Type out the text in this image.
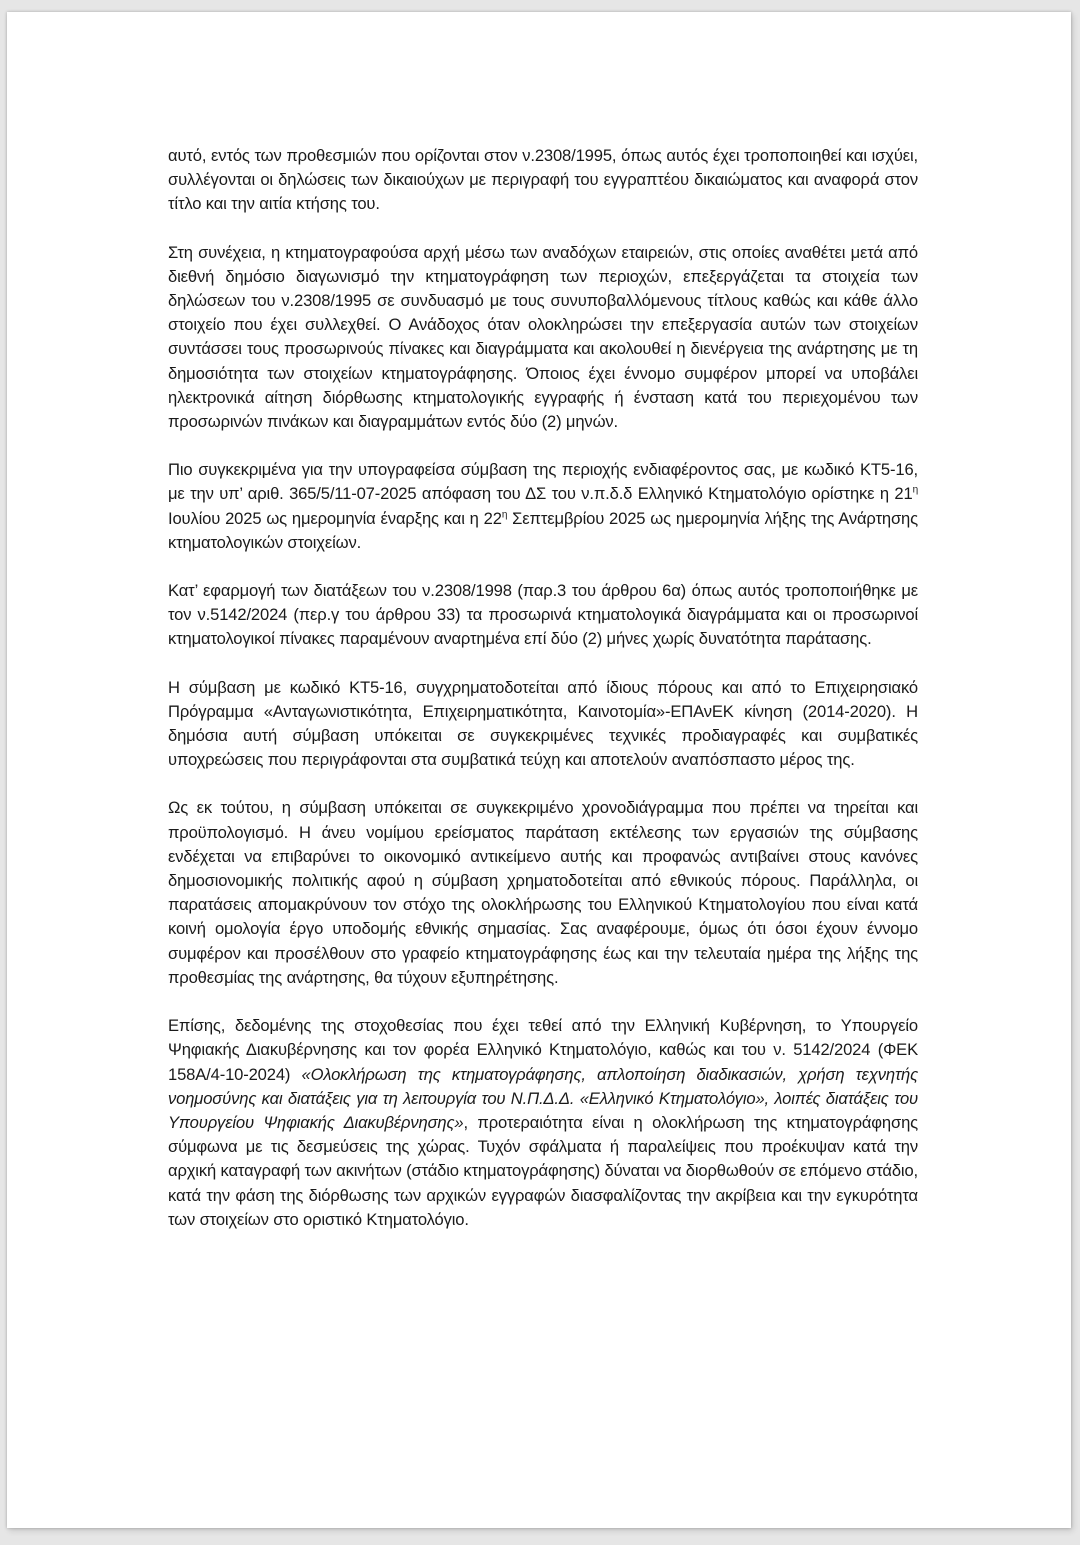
αυτό, εντός των προθεσμιών που ορίζονται στον ν.2308/1995, όπως αυτός έχει τροποποιηθεί και ισχύει, συλλέγονται οι δηλώσεις των δικαιούχων με περιγραφή του εγγραπτέου δικαιώματος και αναφορά στον τίτλο και την αιτία κτήσης του.

Στη συνέχεια, η κτηματογραφούσα αρχή μέσω των αναδόχων εταιρειών, στις οποίες αναθέτει μετά από διεθνή δημόσιο διαγωνισμό την κτηματογράφηση των περιοχών, επεξεργάζεται τα στοιχεία των δηλώσεων του ν.2308/1995 σε συνδυασμό με τους συνυποβαλλόμενους τίτλους καθώς και κάθε άλλο στοιχείο που έχει συλλεχθεί. Ο Ανάδοχος όταν ολοκληρώσει την επεξεργασία αυτών των στοιχείων συντάσσει τους προσωρινούς πίνακες και διαγράμματα και ακολουθεί η διενέργεια της ανάρτησης με τη δημοσιότητα των στοιχείων κτηματογράφησης. Όποιος έχει έννομο συμφέρον μπορεί να υποβάλει ηλεκτρονικά αίτηση διόρθωσης κτηματολογικής εγγραφής ή ένσταση κατά του περιεχομένου των προσωρινών πινάκων και διαγραμμάτων εντός δύο (2) μηνών.

Πιο συγκεκριμένα για την υπογραφείσα σύμβαση της περιοχής ενδιαφέροντος σας, με κωδικό ΚΤ5-16, με την υπ’ αριθ. 365/5/11-07-2025 απόφαση του ΔΣ του ν.π.δ.δ Ελληνικό Κτηματολόγιο ορίστηκε η $21^\eta$ Ιουλίου 2025 ως ημερομηνία έναρξης και η $22^\eta$ Σεπτεμβρίου 2025 ως ημερομηνία λήξης της Ανάρτησης κτηματολογικών στοιχείων.

Κατ’ εφαρμογή των διατάξεων του ν.2308/1998 (παρ.3 του άρθρου 6α) όπως αυτός τροποποιήθηκε με τον ν.5142/2024 (περ.γ του άρθρου 33) τα προσωρινά κτηματολογικά διαγράμματα και οι προσωρινοί κτηματολογικοί πίνακες παραμένουν αναρτημένα επί δύο (2) μήνες χωρίς δυνατότητα παράτασης.

Η σύμβαση με κωδικό ΚΤ5-16, συγχρηματοδοτείται από ίδιους πόρους και από το Επιχειρησιακό Πρόγραμμα «Ανταγωνιστικότητα, Επιχειρηματικότητα, Καινοτομία»-ΕΠΑνΕΚ κίνηση (2014-2020). Η δημόσια αυτή σύμβαση υπόκειται σε συγκεκριμένες τεχνικές προδιαγραφές και συμβατικές υποχρεώσεις που περιγράφονται στα συμβατικά τεύχη και αποτελούν αναπόσπαστο μέρος της.

Ως εκ τούτου, η σύμβαση υπόκειται σε συγκεκριμένο χρονοδιάγραμμα που πρέπει να τηρείται και προϋπολογισμό. Η άνευ νομίμου ερείσματος παράταση εκτέλεσης των εργασιών της σύμβασης ενδέχεται να επιβαρύνει το οικονομικό αντικείμενο αυτής και προφανώς αντιβαίνει στους κανόνες δημοσιονομικής πολιτικής αφού η σύμβαση χρηματοδοτείται από εθνικούς πόρους. Παράλληλα, οι παρατάσεις απομακρύνουν τον στόχο της ολοκλήρωσης του Ελληνικού Κτηματολογίου που είναι κατά κοινή ομολογία έργο υποδομής εθνικής σημασίας. Σας αναφέρουμε, όμως ότι όσοι έχουν έννομο συμφέρον και προσέλθουν στο γραφείο κτηματογράφησης έως και την τελευταία ημέρα της λήξης της προθεσμίας της ανάρτησης, θα τύχουν εξυπηρέτησης.

Επίσης, δεδομένης της στοχοθεσίας που έχει τεθεί από την Ελληνική Κυβέρνηση, το Υπουργείο Ψηφιακής Διακυβέρνησης και τον φορέα Ελληνικό Κτηματολόγιο, καθώς και του ν. 5142/2024 (ΦΕΚ 158Α/4-10-2024) «Ολοκλήρωση της κτηματογράφησης, απλοποίηση διαδικασιών, χρήση τεχνητής νοημοσύνης και διατάξεις για τη λειτουργία του Ν.Π.Δ.Δ. «Ελληνικό Κτηματολόγιο», λοιπές διατάξεις του Υπουργείου Ψηφιακής Διακυβέρνησης», προτεραιότητα είναι η ολοκλήρωση της κτηματογράφησης σύμφωνα με τις δεσμεύσεις της χώρας. Τυχόν σφάλματα ή παραλείψεις που προέκυψαν κατά την αρχική καταγραφή των ακινήτων (στάδιο κτηματογράφησης) δύναται να διορθωθούν σε επόμενο στάδιο, κατά την φάση της διόρθωσης των αρχικών εγγραφών διασφαλίζοντας την ακρίβεια και την εγκυρότητα των στοιχείων στο οριστικό Κτηματολόγιο.
